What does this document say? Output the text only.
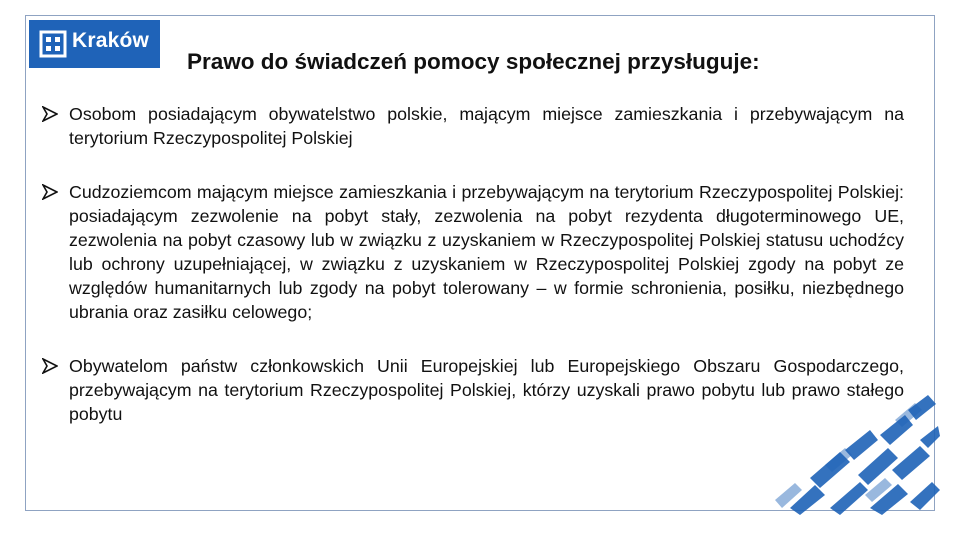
Kraków
Prawo do świadczeń pomocy społecznej przysługuje:
Osobom posiadającym obywatelstwo polskie, mającym miejsce zamieszkania i przebywającym na terytorium Rzeczypospolitej Polskiej
Cudzoziemcom mającym miejsce zamieszkania i przebywającym na terytorium Rzeczypospolitej Polskiej: posiadającym zezwolenie na pobyt stały, zezwolenia na pobyt rezydenta długoterminowego UE, zezwolenia na pobyt czasowy lub w związku z uzyskaniem w Rzeczypospolitej Polskiej statusu uchodźcy lub ochrony uzupełniającej, w związku z uzyskaniem w Rzeczypospolitej Polskiej zgody na pobyt ze względów humanitarnych lub zgody na pobyt tolerowany – w formie schronienia, posiłku, niezbędnego ubrania oraz zasiłku celowego;
Obywatelom państw członkowskich Unii Europejskiej lub Europejskiego Obszaru Gospodarczego, przebywającym na terytorium Rzeczypospolitej Polskiej, którzy uzyskali prawo pobytu lub prawo stałego pobytu
